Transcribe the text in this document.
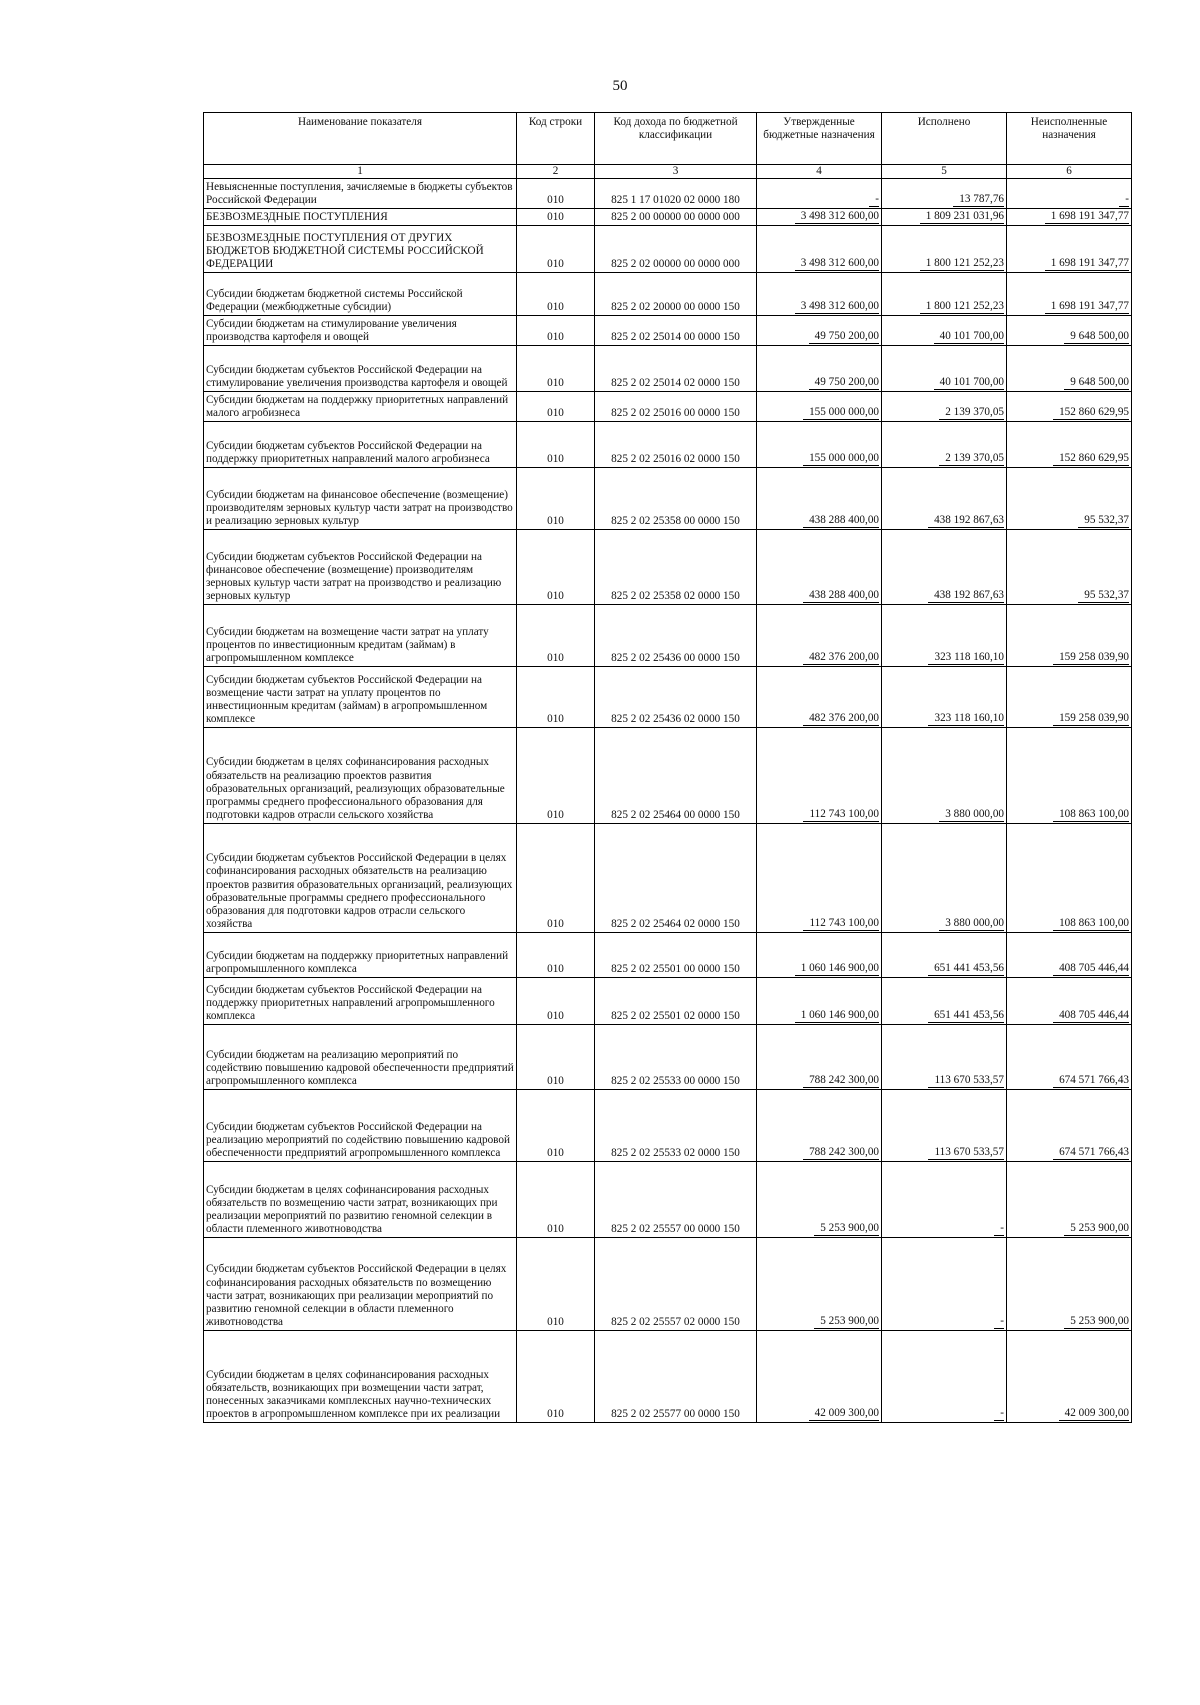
50
Наименование показателя	Код строки	Код дохода по бюджетной классификации	Утвержденные бюджетные назначения	Исполнено	Неисполненные назначения
1	2	3	4	5	6
Невыясненные поступления, зачисляемые в бюджеты субъектов Российской Федерации	010	825 1 17 01020 02 0000 180	-	13 787,76	-
БЕЗВОЗМЕЗДНЫЕ ПОСТУПЛЕНИЯ	010	825 2 00 00000 00 0000 000	3 498 312 600,00	1 809 231 031,96	1 698 191 347,77
БЕЗВОЗМЕЗДНЫЕ ПОСТУПЛЕНИЯ ОТ ДРУГИХ БЮДЖЕТОВ БЮДЖЕТНОЙ СИСТЕМЫ РОССИЙСКОЙ ФЕДЕРАЦИИ	010	825 2 02 00000 00 0000 000	3 498 312 600,00	1 800 121 252,23	1 698 191 347,77
Субсидии бюджетам бюджетной системы Российской Федерации (межбюджетные субсидии)	010	825 2 02 20000 00 0000 150	3 498 312 600,00	1 800 121 252,23	1 698 191 347,77
Субсидии бюджетам на стимулирование увеличения производства картофеля и овощей	010	825 2 02 25014 00 0000 150	49 750 200,00	40 101 700,00	9 648 500,00
Субсидии бюджетам субъектов Российской Федерации на стимулирование увеличения производства картофеля и овощей	010	825 2 02 25014 02 0000 150	49 750 200,00	40 101 700,00	9 648 500,00
Субсидии бюджетам на поддержку приоритетных направлений малого агробизнеса	010	825 2 02 25016 00 0000 150	155 000 000,00	2 139 370,05	152 860 629,95
Субсидии бюджетам субъектов Российской Федерации на поддержку приоритетных направлений малого агробизнеса	010	825 2 02 25016 02 0000 150	155 000 000,00	2 139 370,05	152 860 629,95
Субсидии бюджетам на финансовое обеспечение (возмещение) производителям зерновых культур части затрат на производство и реализацию зерновых культур	010	825 2 02 25358 00 0000 150	438 288 400,00	438 192 867,63	95 532,37
Субсидии бюджетам субъектов Российской Федерации на финансовое обеспечение (возмещение) производителям зерновых культур части затрат на производство и реализацию зерновых культур	010	825 2 02 25358 02 0000 150	438 288 400,00	438 192 867,63	95 532,37
Субсидии бюджетам на возмещение части затрат на уплату процентов по инвестиционным кредитам (займам) в агропромышленном комплексе	010	825 2 02 25436 00 0000 150	482 376 200,00	323 118 160,10	159 258 039,90
Субсидии бюджетам субъектов Российской Федерации на возмещение части затрат на уплату процентов по инвестиционным кредитам (займам) в агропромышленном комплексе	010	825 2 02 25436 02 0000 150	482 376 200,00	323 118 160,10	159 258 039,90
Субсидии бюджетам в целях софинансирования расходных обязательств на реализацию проектов развития образовательных организаций, реализующих образовательные программы среднего профессионального образования для подготовки кадров отрасли сельского хозяйства	010	825 2 02 25464 00 0000 150	112 743 100,00	3 880 000,00	108 863 100,00
Субсидии бюджетам субъектов Российской Федерации в целях софинансирования расходных обязательств на реализацию проектов развития образовательных организаций, реализующих образовательные программы среднего профессионального образования для подготовки кадров отрасли сельского хозяйства	010	825 2 02 25464 02 0000 150	112 743 100,00	3 880 000,00	108 863 100,00
Субсидии бюджетам на поддержку приоритетных направлений агропромышленного комплекса	010	825 2 02 25501 00 0000 150	1 060 146 900,00	651 441 453,56	408 705 446,44
Субсидии бюджетам субъектов Российской Федерации на поддержку приоритетных направлений агропромышленного комплекса	010	825 2 02 25501 02 0000 150	1 060 146 900,00	651 441 453,56	408 705 446,44
Субсидии бюджетам на реализацию мероприятий по содействию повышению кадровой обеспеченности предприятий агропромышленного комплекса	010	825 2 02 25533 00 0000 150	788 242 300,00	113 670 533,57	674 571 766,43
Субсидии бюджетам субъектов Российской Федерации на реализацию мероприятий по содействию повышению кадровой обеспеченности предприятий агропромышленного комплекса	010	825 2 02 25533 02 0000 150	788 242 300,00	113 670 533,57	674 571 766,43
Субсидии бюджетам в целях софинансирования расходных обязательств по возмещению части затрат, возникающих при реализации мероприятий по развитию геномной селекции в области племенного животноводства	010	825 2 02 25557 00 0000 150	5 253 900,00	-	5 253 900,00
Субсидии бюджетам субъектов Российской Федерации в целях софинансирования расходных обязательств по возмещению части затрат, возникающих при реализации мероприятий по развитию геномной селекции в области племенного животноводства	010	825 2 02 25557 02 0000 150	5 253 900,00	-	5 253 900,00
Субсидии бюджетам в целях софинансирования расходных обязательств, возникающих при возмещении части затрат, понесенных заказчиками комплексных научно-технических проектов в агропромышленном комплексе при их реализации	010	825 2 02 25577 00 0000 150	42 009 300,00	-	42 009 300,00
